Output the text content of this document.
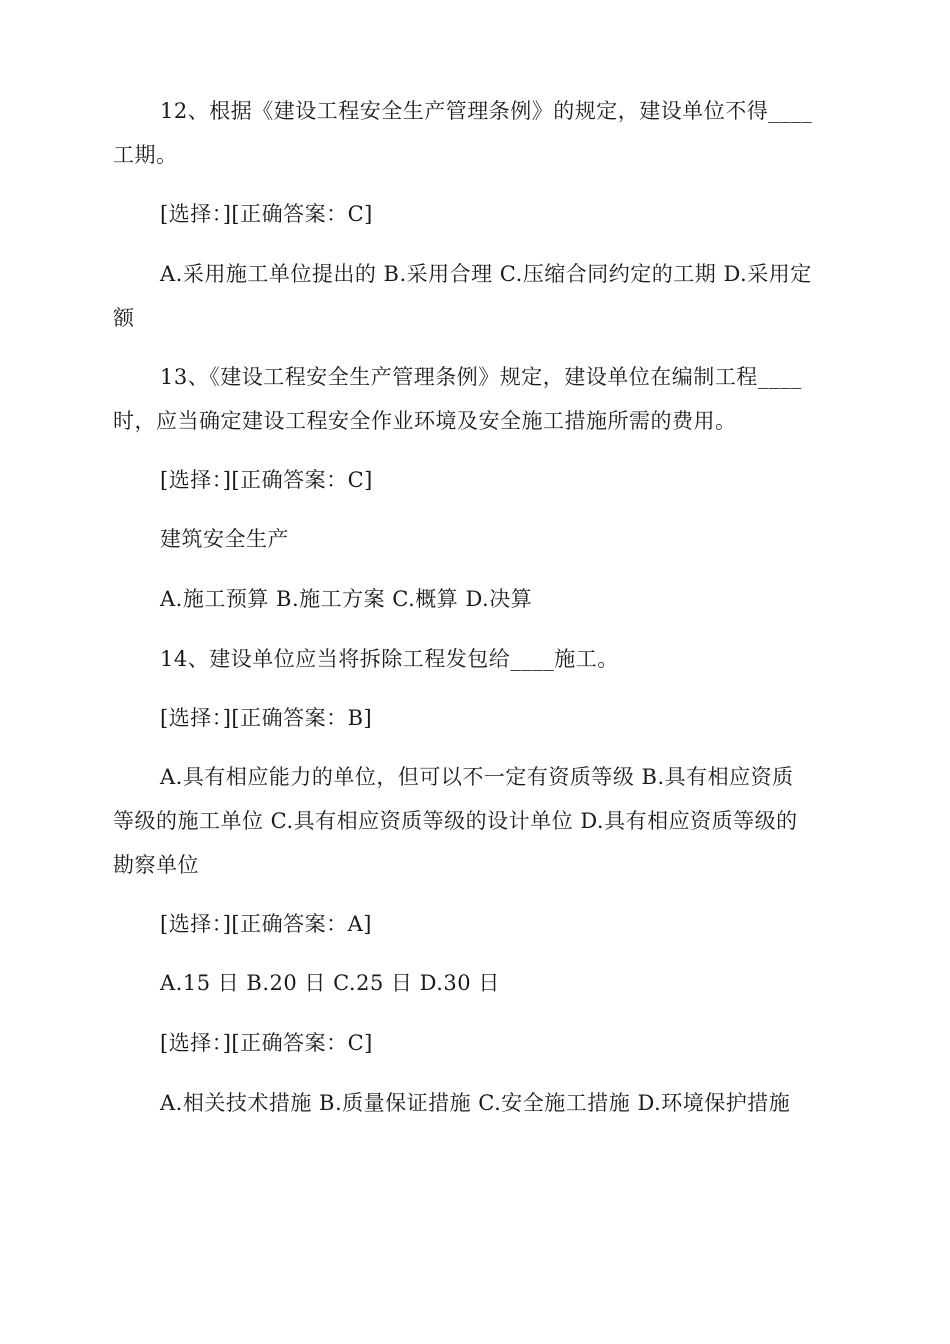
12、根据《建设工程安全生产管理条例》的规定，建设单位不得____
工期。
[选择：][正确答案：C]
A.采用施工单位提出的 B.采用合理 C.压缩合同约定的工期 D.采用定
额
13、《建设工程安全生产管理条例》规定，建设单位在编制工程____
时，应当确定建设工程安全作业环境及安全施工措施所需的费用。
[选择：][正确答案：C]
建筑安全生产
A.施工预算 B.施工方案 C.概算 D.决算
14、建设单位应当将拆除工程发包给____施工。
[选择：][正确答案：B]
A.具有相应能力的单位，但可以不一定有资质等级 B.具有相应资质
等级的施工单位 C.具有相应资质等级的设计单位 D.具有相应资质等级的
勘察单位
[选择：][正确答案：A]
A.15 日 B.20 日 C.25 日 D.30 日
[选择：][正确答案：C]
A.相关技术措施 B.质量保证措施 C.安全施工措施 D.环境保护措施
